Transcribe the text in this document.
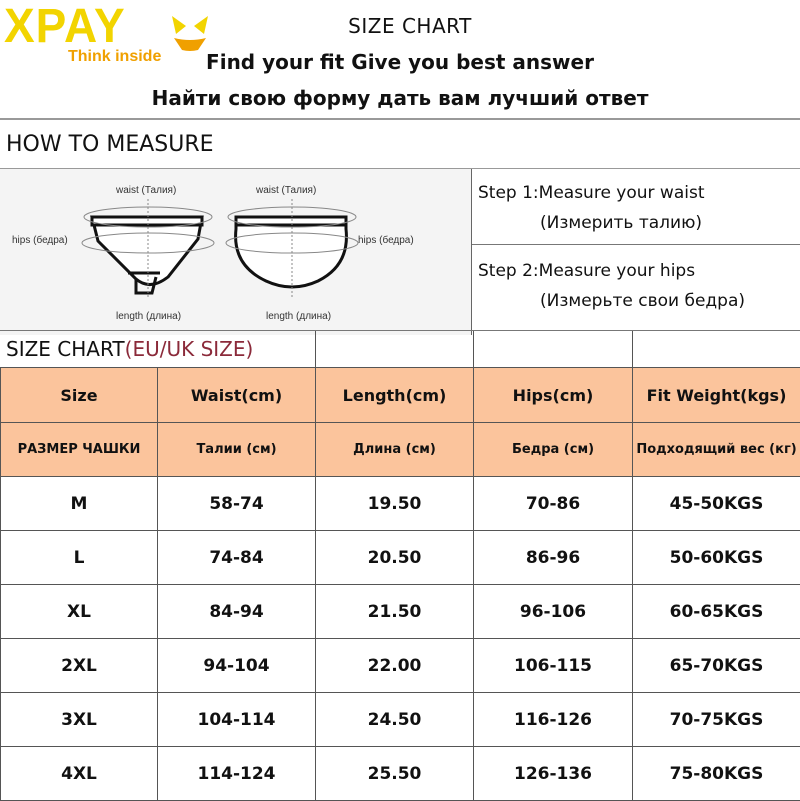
XPAY
Think inside
SIZE CHART
Find your fit Give you best answer
Найти свою форму дать вам лучший ответ
HOW TO MEASURE
waist (Талия)
hips (бедра)
length (длина)
waist (Талия)
hips (бедра)
length (длина)
Step 1:Measure your waist
(Измерить талию)
Step 2:Measure your hips
(Измерьте свои бедра)
SIZE CHART(EU/UK SIZE)
Size	Waist(cm)	Length(cm)	Hips(cm)	Fit Weight(kgs)
РАЗМЕР ЧАШКИ	Талии (см)	Длина (см)	Бедра (см)	Подходящий вес (кг)
M	58-74	19.50	70-86	45-50KGS
L	74-84	20.50	86-96	50-60KGS
XL	84-94	21.50	96-106	60-65KGS
2XL	94-104	22.00	106-115	65-70KGS
3XL	104-114	24.50	116-126	70-75KGS
4XL	114-124	25.50	126-136	75-80KGS
